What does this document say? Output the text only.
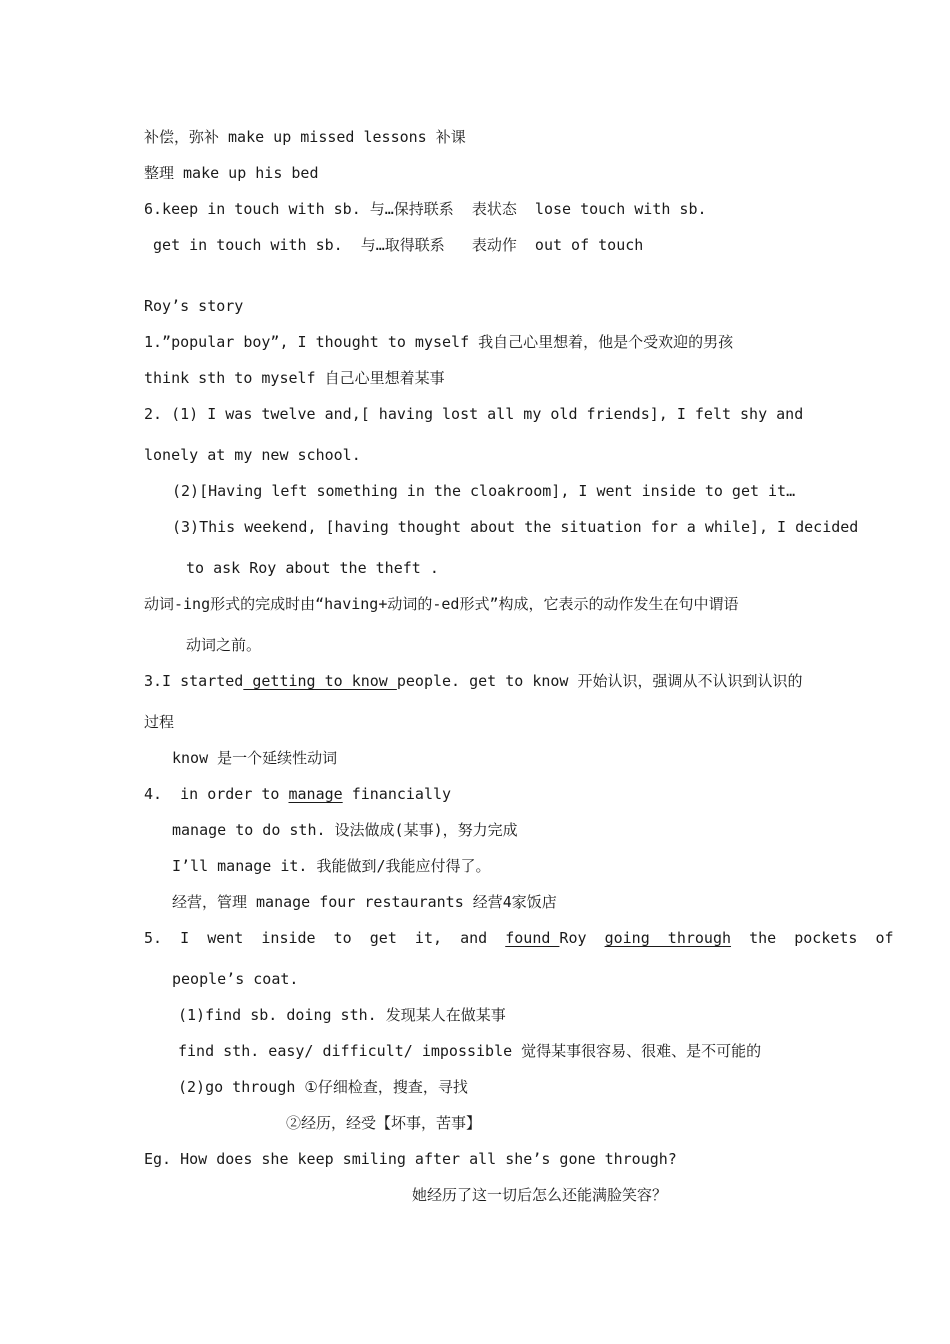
补偿，弥补 make up missed lessons 补课
整理 make up his bed
6.keep in touch with sb. 与…保持联系  表状态  lose touch with sb.
get in touch with sb.  与…取得联系   表动作  out of touch
Roy’s story
1.”popular boy”, I thought to myself 我自己心里想着，他是个受欢迎的男孩
think sth to myself 自己心里想着某事
2. (1) I was twelve and,[ having lost all my old friends], I felt shy and
lonely at my new school.
(2)[Having left something in the cloakroom], I went inside to get it…
(3)This weekend, [having thought about the situation for a while], I decided
to ask Roy about the theft .
动词-ing形式的完成时由“having+动词的-ed形式”构成，它表示的动作发生在句中谓语
动词之前。
3.I started getting to know people. get to know 开始认识，强调从不认识到认识的
过程
know 是一个延续性动词
4.  in order to manage financially
manage to do sth. 设法做成(某事)，努力完成
I’ll manage it. 我能做到/我能应付得了。
经营，管理 manage four restaurants 经营4家饭店
5.  I  went  inside  to  get  it,  and  found Roy  going  through  the  pockets  of
people’s coat.
(1)find sb. doing sth. 发现某人在做某事
find sth. easy/ difficult/ impossible 觉得某事很容易、很难、是不可能的
(2)go through ①仔细检查，搜查，寻找
②经历，经受【坏事，苦事】
Eg. How does she keep smiling after all she’s gone through?
她经历了这一切后怎么还能满脸笑容？
